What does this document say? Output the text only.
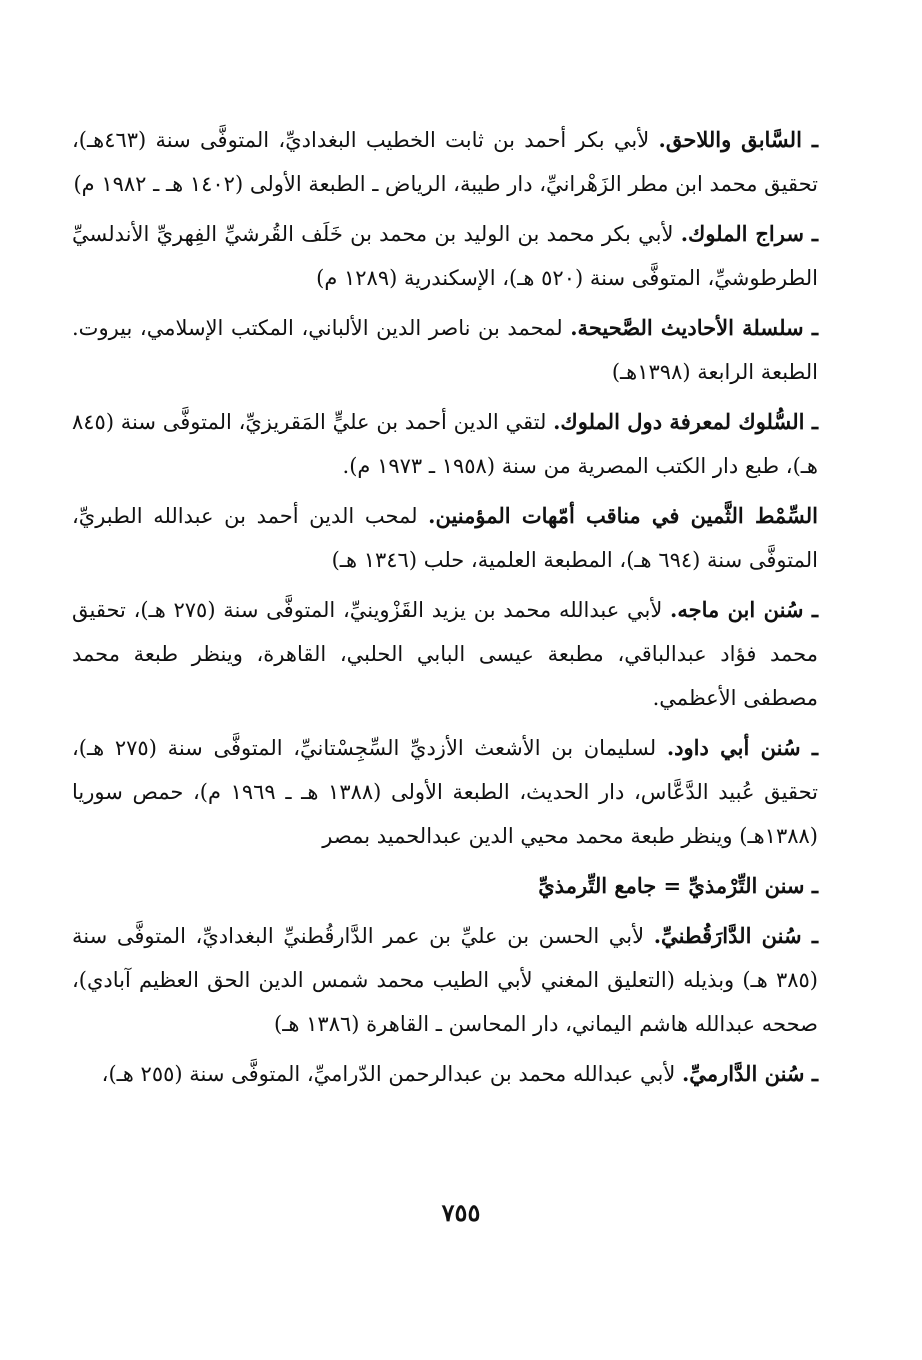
ـ السَّابق واللاحق. لأبي بكر أحمد بن ثابت الخطيب البغداديِّ، المتوفَّى سنة (٤٦٣هـ)، تحقيق محمد ابن مطر الزَهْرانيِّ، دار طيبة، الرياض ـ الطبعة الأولى (١٤٠٢ هـ ـ ١٩٨٢ م)

ـ سراج الملوك. لأبي بكر محمد بن الوليد بن محمد بن خَلَف القُرشيِّ الفِهريِّ الأندلسيِّ الطرطوشيِّ، المتوفَّى سنة (٥٢٠ هـ)، الإسكندرية (١٢٨٩ م)

ـ سلسلة الأحاديث الصَّحيحة. لمحمد بن ناصر الدين الألباني، المكتب الإسلامي، بيروت. الطبعة الرابعة (١٣٩٨هـ)

ـ السُّلوك لمعرفة دول الملوك. لتقي الدين أحمد بن عليٍّ المَقريزيِّ، المتوفَّى سنة (٨٤٥ هـ)، طبع دار الكتب المصرية من سنة (١٩٥٨ ـ ١٩٧٣ م).

السِّمْط الثَّمين في مناقب أمّهات المؤمنين. لمحب الدين أحمد بن عبدالله الطبريِّ، المتوفَّى سنة (٦٩٤ هـ)، المطبعة العلمية، حلب (١٣٤٦ هـ)

ـ سُنن ابن ماجه. لأبي عبدالله محمد بن يزيد القَزْوينيِّ، المتوفَّى سنة (٢٧٥ هـ)، تحقيق محمد فؤاد عبدالباقي، مطبعة عيسى البابي الحلبي، القاهرة، وينظر طبعة محمد مصطفى الأعظمي.

ـ سُنن أبي داود. لسليمان بن الأشعث الأزديِّ السِّجِسْتانيِّ، المتوفَّى سنة (٢٧٥ هـ)، تحقيق عُبيد الدَّعَّاس، دار الحديث، الطبعة الأولى (١٣٨٨ هـ ـ ١٩٦٩ م)، حمص سوريا (١٣٨٨هـ) وينظر طبعة محمد محيي الدين عبدالحميد بمصر

ـ سنن التِّرْمذيِّ = جامع التِّرمذيِّ

ـ سُنن الدَّارَقُطنيِّ. لأبي الحسن بن عليِّ بن عمر الدَّارقُطنيِّ البغداديِّ، المتوفَّى سنة (٣٨٥ هـ) وبذيله (التعليق المغني لأبي الطيب محمد شمس الدين الحق العظيم آبادي)، صححه عبدالله هاشم اليماني، دار المحاسن ـ القاهرة (١٣٨٦ هـ)

ـ سُنن الدَّارميِّ. لأبي عبدالله محمد بن عبدالرحمن الدّراميِّ، المتوفَّى سنة (٢٥٥ هـ)،

٧٥٥
